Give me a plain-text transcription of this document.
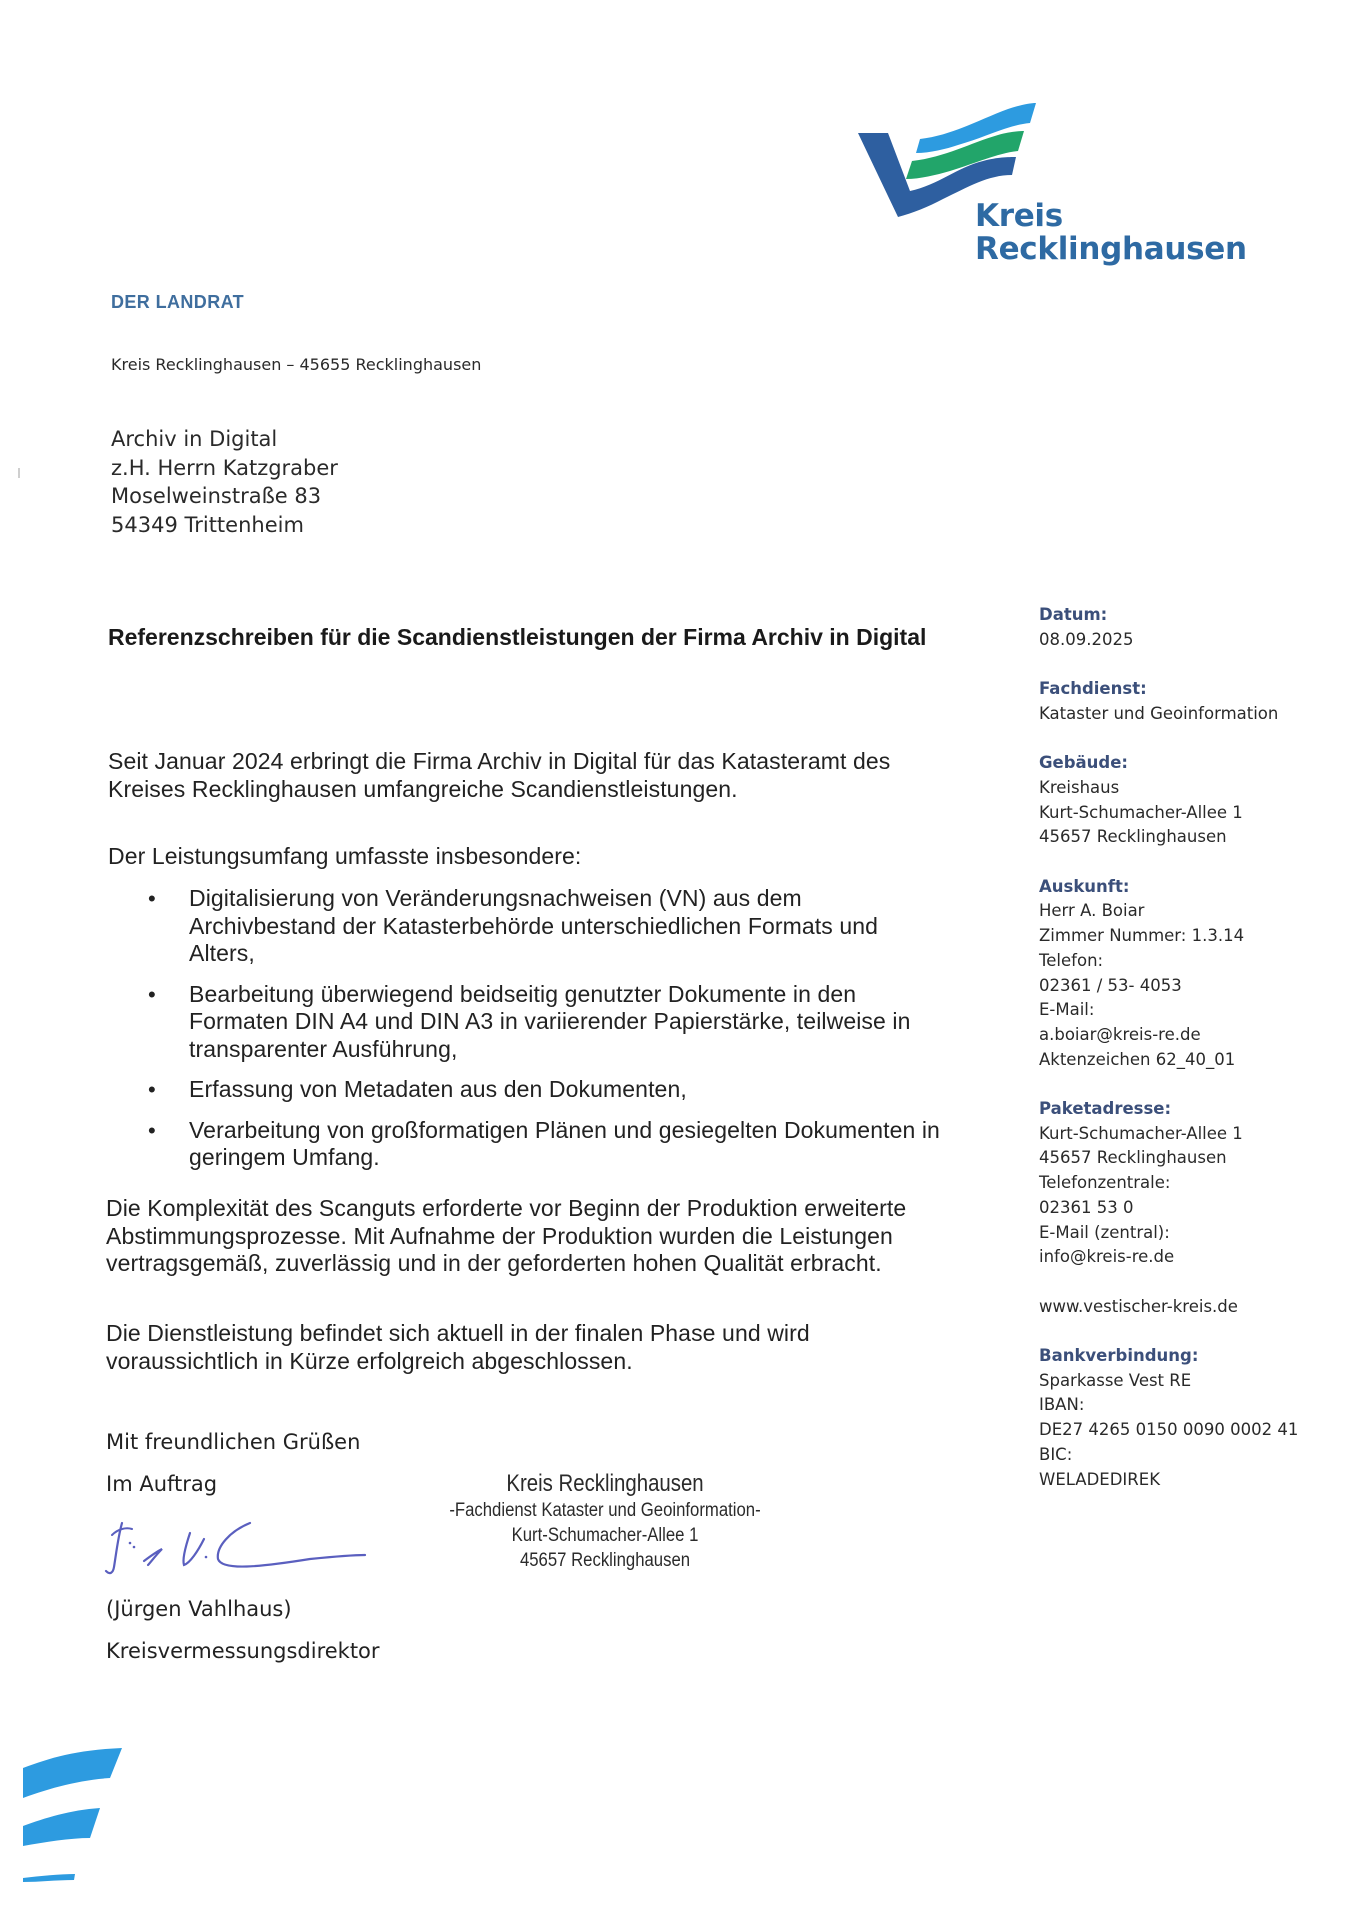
Kreis
Recklinghausen
DER LANDRAT
Kreis Recklinghausen – 45655 Recklinghausen
Archiv in Digital
z.H. Herrn Katzgraber
Moselweinstraße 83
54349 Trittenheim
Referenzschreiben für die Scandienstleistungen der Firma Archiv in Digital
Seit Januar 2024 erbringt die Firma Archiv in Digital für das Katasteramt des Kreises Recklinghausen umfangreiche Scandienstleistungen.
Der Leistungsumfang umfasste insbesondere:
• Digitalisierung von Veränderungsnachweisen (VN) aus dem Archivbestand der Katasterbehörde unterschiedlichen Formats und Alters,
• Bearbeitung überwiegend beidseitig genutzter Dokumente in den Formaten DIN A4 und DIN A3 in variierender Papierstärke, teilweise in transparenter Ausführung,
• Erfassung von Metadaten aus den Dokumenten,
• Verarbeitung von großformatigen Plänen und gesiegelten Dokumenten in geringem Umfang.
Die Komplexität des Scanguts erforderte vor Beginn der Produktion erweiterte Abstimmungsprozesse. Mit Aufnahme der Produktion wurden die Leistungen vertragsgemäß, zuverlässig und in der geforderten hohen Qualität erbracht.
Die Dienstleistung befindet sich aktuell in der finalen Phase und wird voraussichtlich in Kürze erfolgreich abgeschlossen.
Mit freundlichen Grüßen
Im Auftrag
(Jürgen Vahlhaus)
Kreisvermessungsdirektor
Kreis Recklinghausen
-Fachdienst Kataster und Geoinformation-
Kurt-Schumacher-Allee 1
45657 Recklinghausen
Datum:
08.09.2025
Fachdienst:
Kataster und Geoinformation
Gebäude:
Kreishaus
Kurt-Schumacher-Allee 1
45657 Recklinghausen
Auskunft:
Herr A. Boiar
Zimmer Nummer: 1.3.14
Telefon:
02361 / 53- 4053
E-Mail:
a.boiar@kreis-re.de
Aktenzeichen 62_40_01
Paketadresse:
Kurt-Schumacher-Allee 1
45657 Recklinghausen
Telefonzentrale:
02361 53 0
E-Mail (zentral):
info@kreis-re.de
www.vestischer-kreis.de
Bankverbindung:
Sparkasse Vest RE
IBAN:
DE27 4265 0150 0090 0002 41
BIC:
WELADEDIREK
